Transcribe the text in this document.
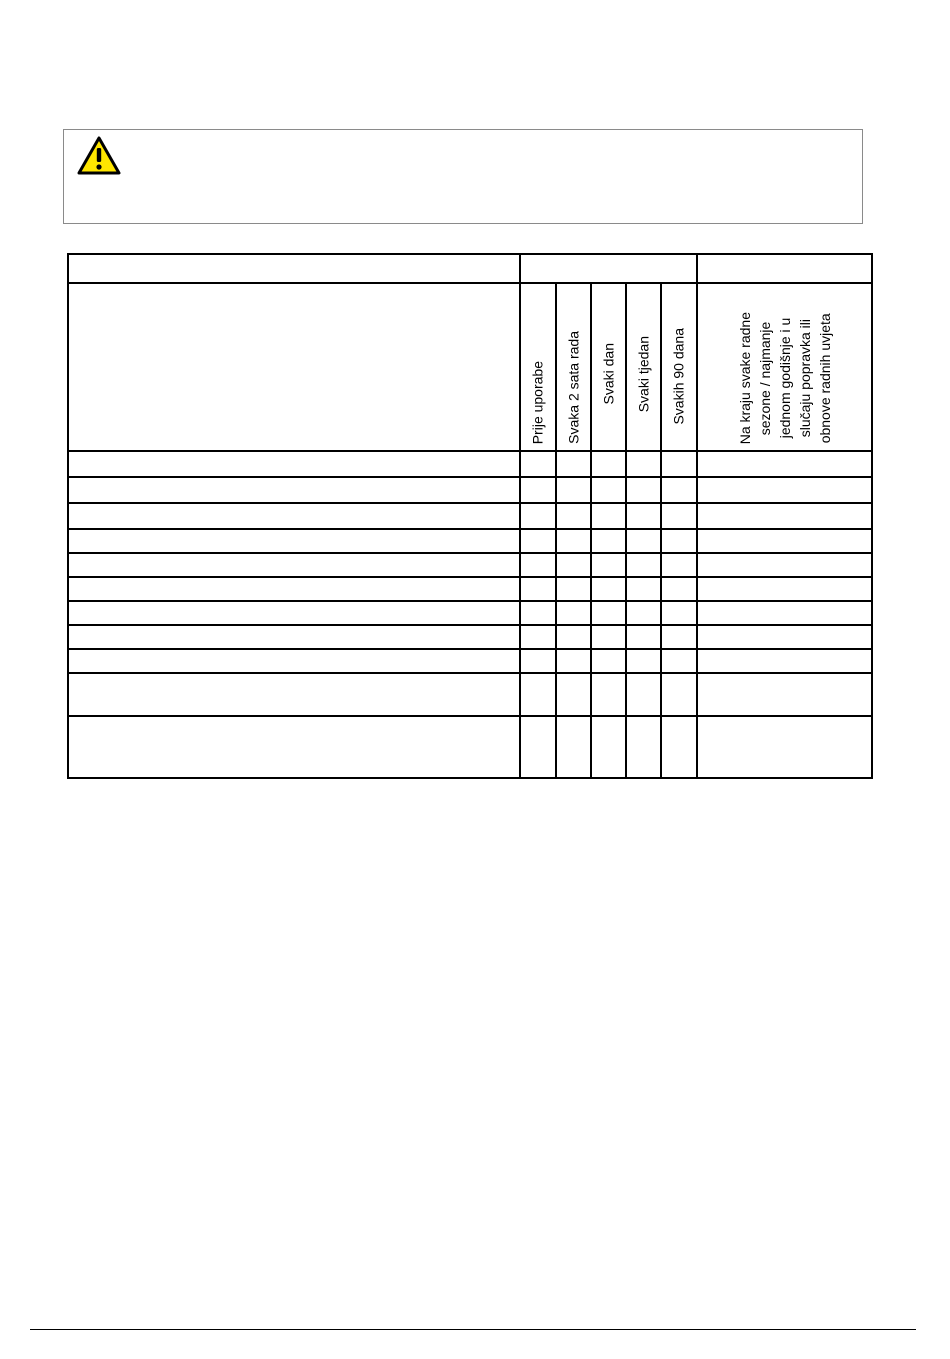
	Prije uporabe	Svaka 2 sata rada	Svaki dan	Svaki tjedan	Svakih 90 dana	Na kraju svake radne sezone / najmanje jednom godišnje i u slučaju popravka ili obnove radnih uvjeta
